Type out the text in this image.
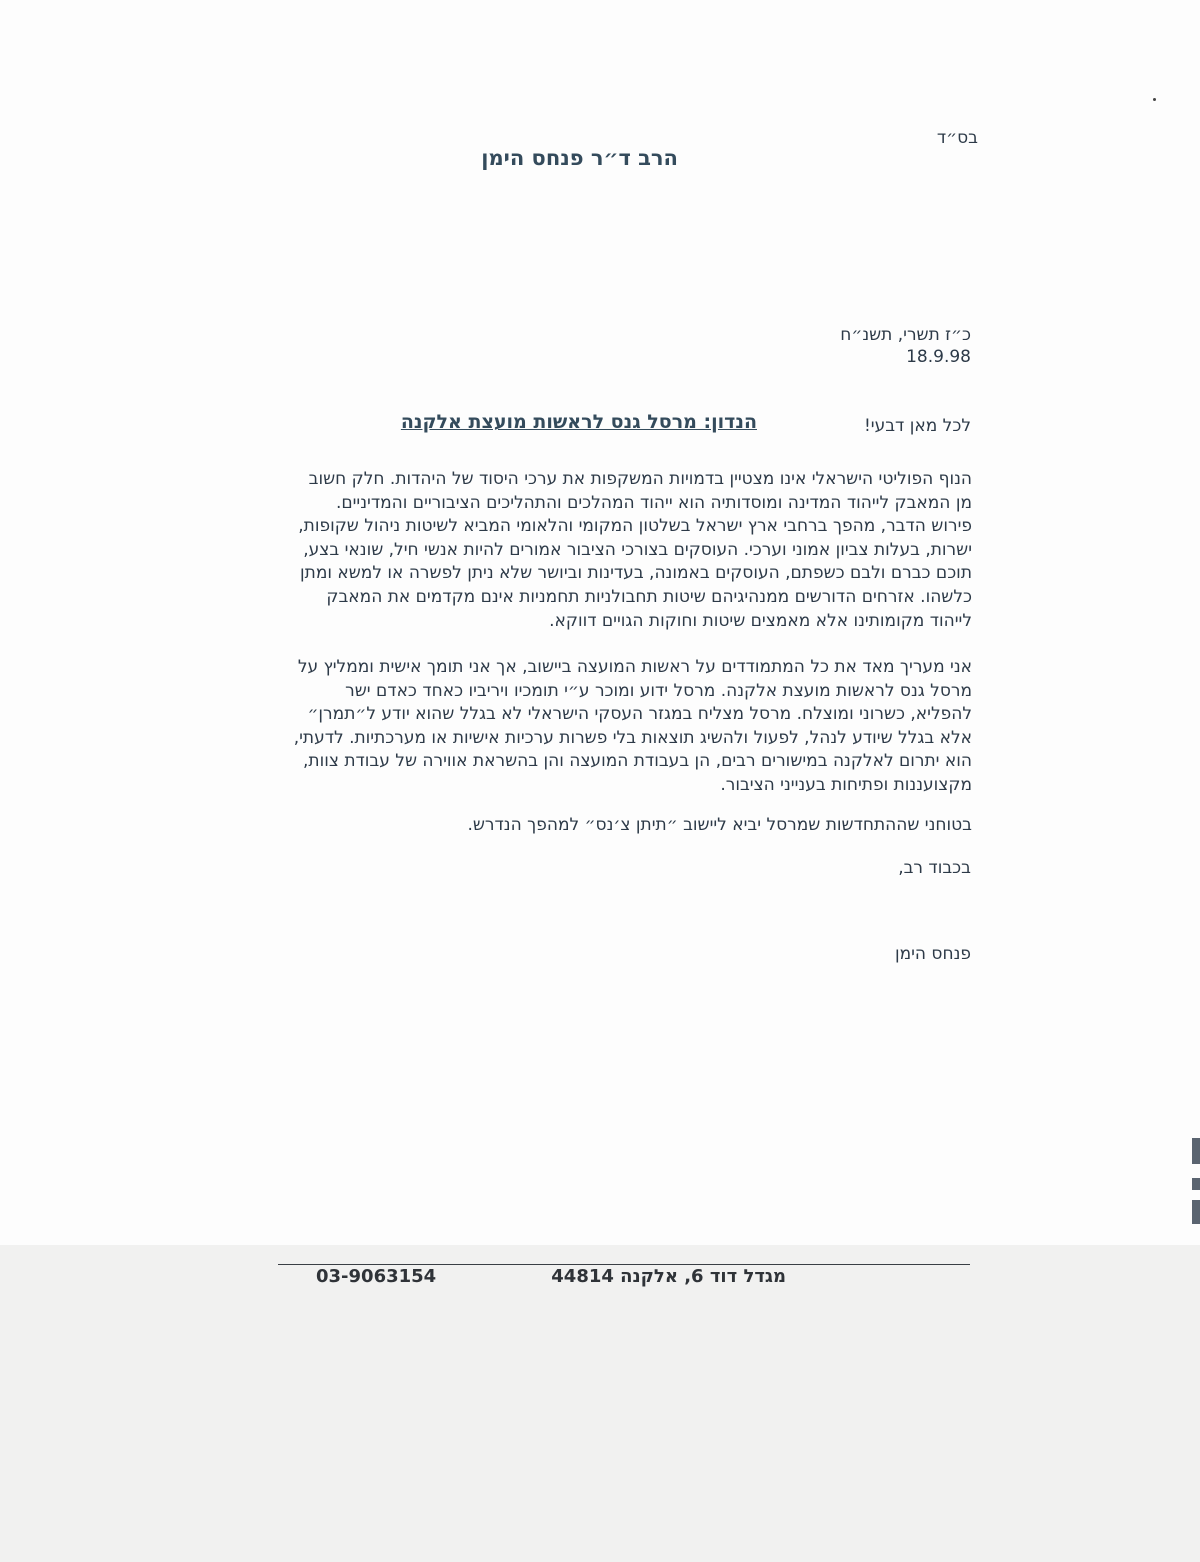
בס״ד
הרב ד״ר פנחס הימן
כ״ז תשרי, תשנ״ח
18.9.98
לכל מאן דבעי!
הנדון: מרסל גנס לראשות מועצת אלקנה
הנוף הפוליטי הישראלי אינו מצטיין בדמויות המשקפות את ערכי היסוד של היהדות. חלק חשוב
מן המאבק לייהוד המדינה ומוסדותיה הוא ייהוד המהלכים והתהליכים הציבוריים והמדיניים.
פירוש הדבר, מהפך ברחבי ארץ ישראל בשלטון המקומי והלאומי המביא לשיטות ניהול שקופות,
ישרות, בעלות צביון אמוני וערכי. העוסקים בצורכי הציבור אמורים להיות אנשי חיל, שונאי בצע,
תוכם כברם ולבם כשפתם, העוסקים באמונה, בעדינות וביושר שלא ניתן לפשרה או למשא ומתן
כלשהו. אזרחים הדורשים ממנהיגיהם שיטות תחבולניות תחמניות אינם מקדמים את המאבק
לייהוד מקומותינו אלא מאמצים שיטות וחוקות הגויים דווקא.
אני מעריך מאד את כל המתמודדים על ראשות המועצה ביישוב, אך אני תומך אישית וממליץ על
מרסל גנס לראשות מועצת אלקנה. מרסל ידוע ומוכר ע״י תומכיו ויריביו כאחד כאדם ישר
להפליא, כשרוני ומוצלח. מרסל מצליח במגזר העסקי הישראלי לא בגלל שהוא יודע ל״תמרן״
אלא בגלל שיודע לנהל, לפעול ולהשיג תוצאות בלי פשרות ערכיות אישיות או מערכתיות. לדעתי,
הוא יתרום לאלקנה במישורים רבים, הן בעבודת המועצה והן בהשראת אווירה של עבודת צוות,
מקצועננות ופתיחות בענייני הציבור.
בטוחני שההתחדשות שמרסל יביא ליישוב ״תיתן צ׳נס״ למהפך הנדרש.
בכבוד רב,
פנחס הימן
מגדל דוד 6, אלקנה 44814
03-9063154
